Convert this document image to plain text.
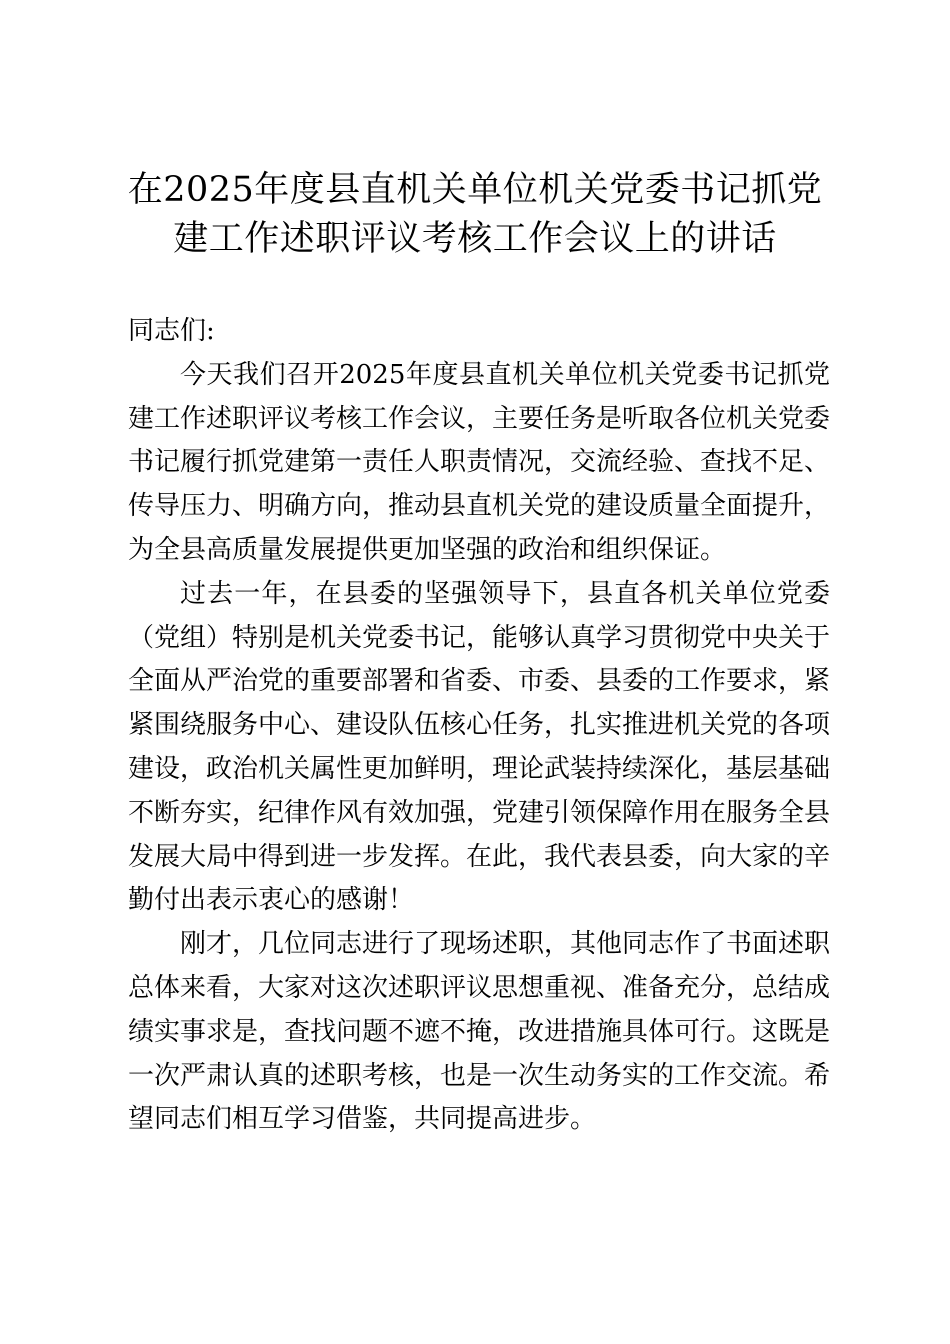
在2025年度县直机关单位机关党委书记抓党
建工作述职评议考核工作会议上的讲话

同志们:

今天我们召开2025年度县直机关单位机关党委书记抓党建工作述职评议考核工作会议，主要任务是听取各位机关党委书记履行抓党建第一责任人职责情况，交流经验、查找不足、传导压力、明确方向，推动县直机关党的建设质量全面提升，为全县高质量发展提供更加坚强的政治和组织保证。

过去一年，在县委的坚强领导下，县直各机关单位党委（党组）特别是机关党委书记，能够认真学习贯彻党中央关于全面从严治党的重要部署和省委、市委、县委的工作要求，紧紧围绕服务中心、建设队伍核心任务，扎实推进机关党的各项建设，政治机关属性更加鲜明，理论武装持续深化，基层基础不断夯实，纪律作风有效加强，党建引领保障作用在服务全县发展大局中得到进一步发挥。在此，我代表县委，向大家的辛勤付出表示衷心的感谢！

刚才，几位同志进行了现场述职，其他同志作了书面述职总体来看，大家对这次述职评议思想重视、准备充分，总结成绩实事求是，查找问题不遮不掩，改进措施具体可行。这既是一次严肃认真的述职考核，也是一次生动务实的工作交流。希望同志们相互学习借鉴，共同提高进步。
